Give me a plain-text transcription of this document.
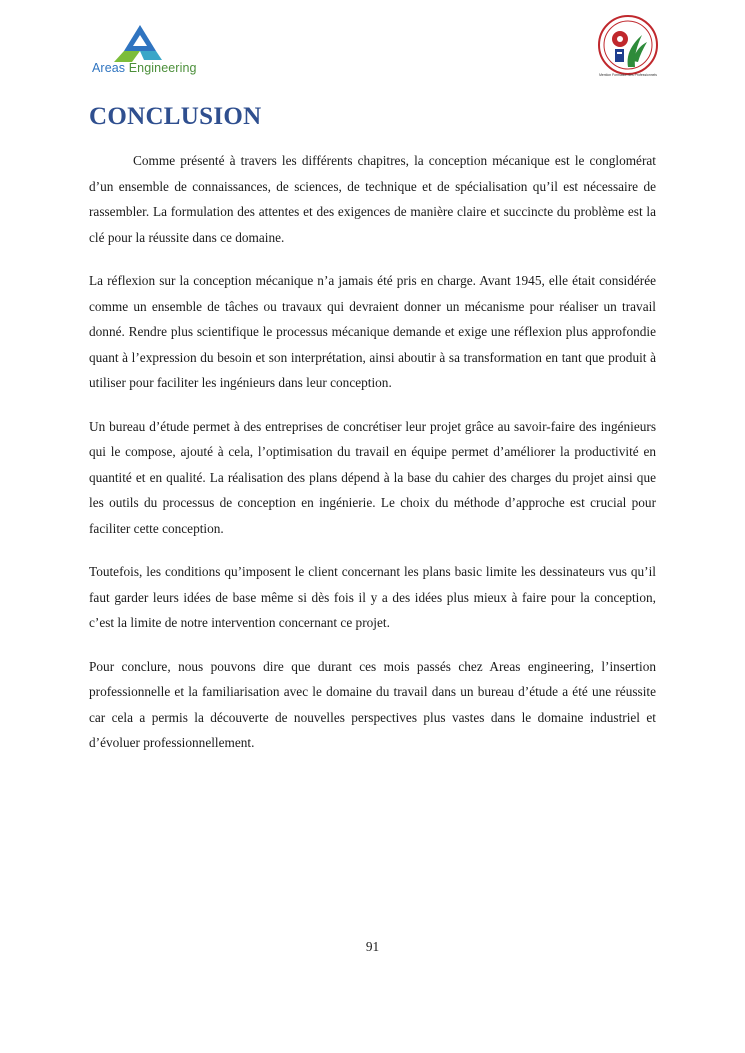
Areas Engineering	Mention Formation des Professionnels
CONCLUSION

Comme présenté à travers les différents chapitres, la conception mécanique est le conglomérat d’un ensemble de connaissances, de sciences, de technique et de spécialisation qu’il est nécessaire de rassembler. La formulation des attentes et des exigences de manière claire et succincte du problème est la clé pour la réussite dans ce domaine.

La réflexion sur la conception mécanique n’a jamais été pris en charge. Avant 1945, elle était considérée comme un ensemble de tâches ou travaux qui devraient donner un mécanisme pour réaliser un travail donné. Rendre plus scientifique le processus mécanique demande et exige une réflexion plus approfondie quant à l’expression du besoin et son interprétation, ainsi aboutir à sa transformation en tant que produit à utiliser pour faciliter les ingénieurs dans leur conception.

Un bureau d’étude permet à des entreprises de concrétiser leur projet grâce au savoir-faire des ingénieurs qui le compose, ajouté à cela, l’optimisation du travail en équipe permet d’améliorer la productivité en quantité et en qualité. La réalisation des plans dépend à la base du cahier des charges du projet ainsi que les outils du processus de conception en ingénierie. Le choix du méthode d’approche est crucial pour faciliter cette conception.

Toutefois, les conditions qu’imposent le client concernant les plans basic limite les dessinateurs vus qu’il faut garder leurs idées de base même si dès fois il y a des idées plus mieux à faire pour la conception, c’est la limite de notre intervention concernant ce projet.

Pour conclure, nous pouvons dire que durant ces mois passés chez Areas engineering, l’insertion professionnelle et la familiarisation avec le domaine du travail dans un bureau d’étude a été une réussite car cela a permis la découverte de nouvelles perspectives plus vastes dans le domaine industriel et d’évoluer professionnellement.

91
